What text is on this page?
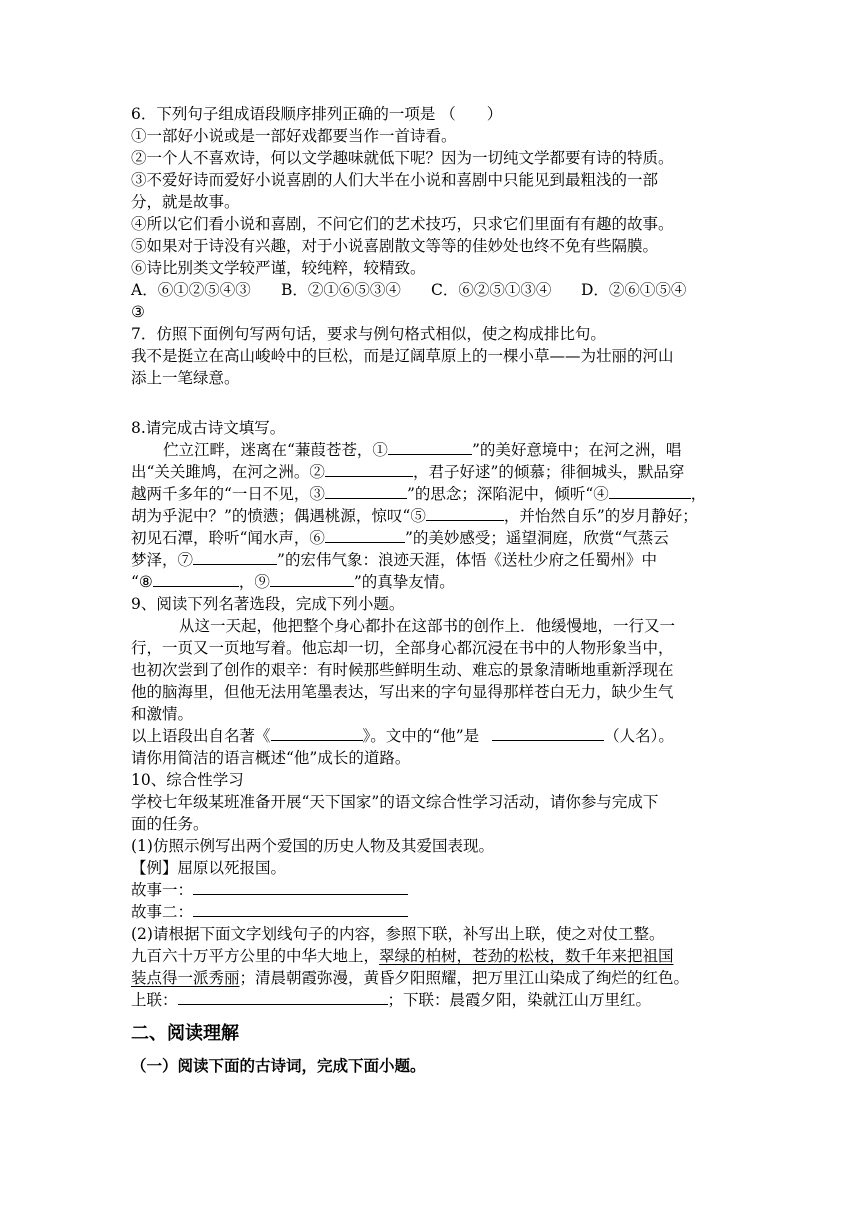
6．下列句子组成语段顺序排列正确的一项是 （　　）
①一部好小说或是一部好戏都要当作一首诗看。
②一个人不喜欢诗，何以文学趣味就低下呢？因为一切纯文学都要有诗的特质。
③不爱好诗而爱好小说喜剧的人们大半在小说和喜剧中只能见到最粗浅的一部
分，就是故事。
④所以它们看小说和喜剧，不问它们的艺术技巧，只求它们里面有有趣的故事。
⑤如果对于诗没有兴趣，对于小说喜剧散文等等的佳妙处也终不免有些隔膜。
⑥诗比别类文学较严谨，较纯粹，较精致。
A．⑥①②⑤④③ B．②①⑥⑤③④ C．⑥②⑤①③④ D．②⑥①⑤④
③
7．仿照下面例句写两句话，要求与例句格式相似，使之构成排比句。
我不是挺立在高山峻岭中的巨松，而是辽阔草原上的一棵小草——为壮丽的河山
添上一笔绿意。
8.请完成古诗文填写。
伫立江畔，迷离在“蒹葭苍苍，①	”的美好意境中；在河之洲，唱
出“关关雎鸠，在河之洲。②	，君子好逑”的倾慕；徘徊城头，默品穿
越两千多年的“一日不见，③	”的思念；深陷泥中，倾听“④	，
胡为乎泥中？”的愤懑；偶遇桃源，惊叹“⑤	，并怡然自乐”的岁月静好；
初见石潭，聆听“闻水声，⑥	”的美妙感受；遥望洞庭，欣赏“气蒸云
梦泽，⑦	”的宏伟气象：浪迹天涯，体悟《送杜少府之任蜀州》中
“⑧	，⑨	”的真挚友情。
9、阅读下列名著选段，完成下列小题。
从这一天起，他把整个身心都扑在这部书的创作上．他缓慢地，一行又一
行，一页又一页地写着。他忘却一切，全部身心都沉浸在书中的人物形象当中，
也初次尝到了创作的艰辛：有时候那些鲜明生动、难忘的景象清晰地重新浮现在
他的脑海里，但他无法用笔墨表达，写出来的字句显得那样苍白无力，缺少生气
和激情。
以上语段出自名著《	》。文中的“他”是	（人名）。
请你用简洁的语言概述“他”成长的道路。
10、综合性学习
学校七年级某班准备开展“天下国家”的语文综合性学习活动，请你参与完成下
面的任务。
(1)仿照示例写出两个爱国的历史人物及其爱国表现。
【例】屈原以死报国。
故事一：
故事二：
(2)请根据下面文字划线句子的内容，参照下联，补写出上联，使之对仗工整。
九百六十万平方公里的中华大地上，翠绿的柏树，苍劲的松枝，数千年来把祖国
装点得一派秀丽；清晨朝霞弥漫，黄昏夕阳照耀，把万里江山染成了绚烂的红色。
上联：	；下联：晨霞夕阳，染就江山万里红。
二、阅读理解
（一）阅读下面的古诗词，完成下面小题。
